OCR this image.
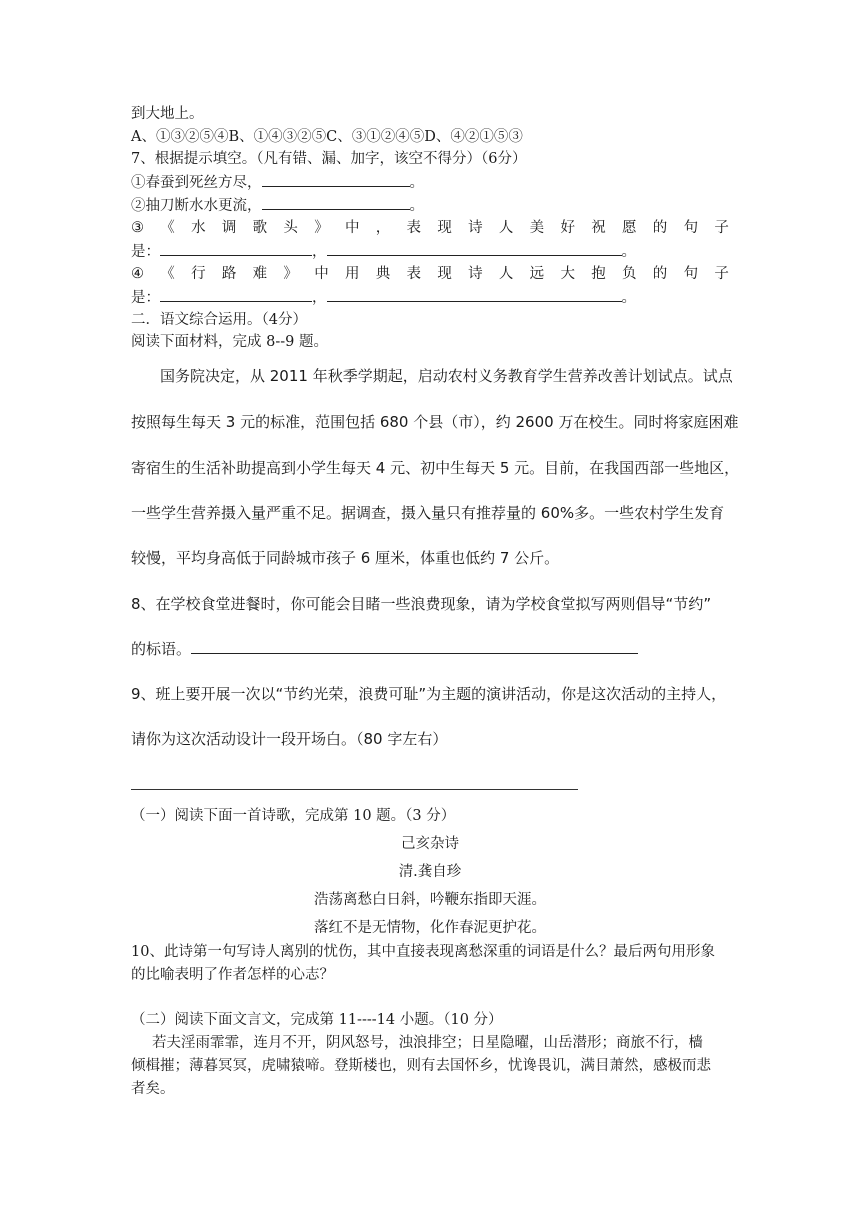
到大地上。
A、①③②⑤④B、①④③②⑤C、③①②④⑤D、④②①⑤③
7、根据提示填空。（凡有错、漏、加字，该空不得分）（6分）
①春蚕到死丝方尽，	。
②抽刀断水水更流，	。
③ 《 水 调 歌 头 》 中 ， 表 现 诗 人 美 好 祝 愿 的 句 子
是：	，	。
④ 《 行 路 难 》 中 用 典 表 现 诗 人 远 大 抱 负 的 句 子
是：	，	。
二．语文综合运用。（4分）
阅读下面材料，完成 8--9 题。
国务院决定，从 2011 年秋季学期起，启动农村义务教育学生营养改善计划试点。试点
按照每生每天 3 元的标准，范围包括 680 个县（市），约 2600 万在校生。同时将家庭困难
寄宿生的生活补助提高到小学生每天 4 元、初中生每天 5 元。目前，在我国西部一些地区，
一些学生营养摄入量严重不足。据调查，摄入量只有推荐量的 60%多。一些农村学生发育
较慢，平均身高低于同龄城市孩子 6 厘米，体重也低约 7 公斤。
8、在学校食堂进餐时，你可能会目睹一些浪费现象，请为学校食堂拟写两则倡导“节约”
的标语。
9、班上要开展一次以“节约光荣，浪费可耻”为主题的演讲活动，你是这次活动的主持人，
请你为这次活动设计一段开场白。（80 字左右）
（一）阅读下面一首诗歌，完成第 10 题。（3 分）
己亥杂诗
清.龚自珍
浩荡离愁白日斜，吟鞭东指即天涯。
落红不是无情物，化作春泥更护花。
10、此诗第一句写诗人离别的忧伤，其中直接表现离愁深重的词语是什么？最后两句用形象
的比喻表明了作者怎样的心志？
（二）阅读下面文言文，完成第 11----14 小题。（10 分）
若夫淫雨霏霏，连月不开，阴风怒号，浊浪排空；日星隐曜，山岳潜形；商旅不行，樯
倾楫摧；薄暮冥冥，虎啸猿啼。登斯楼也，则有去国怀乡，忧谗畏讥，满目萧然，感极而悲
者矣。
